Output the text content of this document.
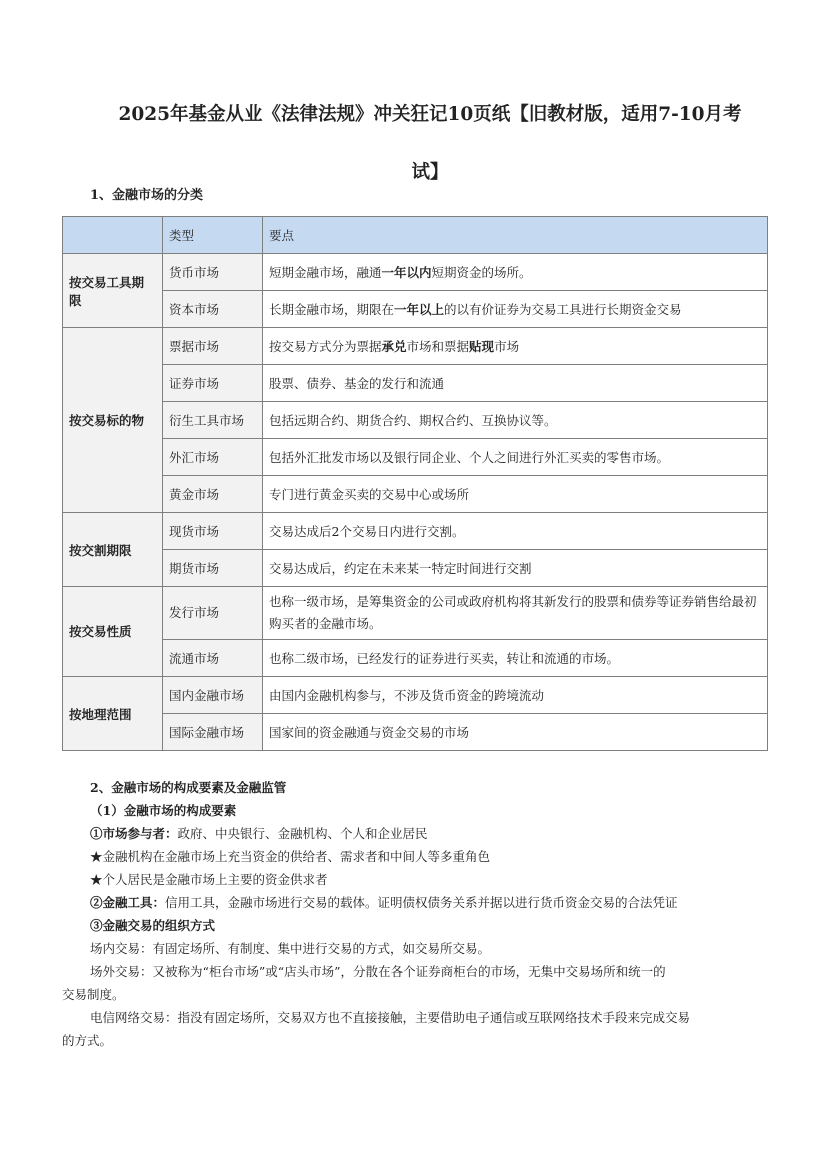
2025年基金从业《法律法规》冲关狂记10页纸【旧教材版，适用7-10月考
试】
1、金融市场的分类
	类型	要点
按交易工具期限	货币市场	短期金融市场，融通一年以内短期资金的场所。
	资本市场	长期金融市场，期限在一年以上的以有价证券为交易工具进行长期资金交易
按交易标的物	票据市场	按交易方式分为票据承兑市场和票据贴现市场
	证券市场	股票、债券、基金的发行和流通
	衍生工具市场	包括远期合约、期货合约、期权合约、互换协议等。
	外汇市场	包括外汇批发市场以及银行同企业、个人之间进行外汇买卖的零售市场。
	黄金市场	专门进行黄金买卖的交易中心或场所
按交割期限	现货市场	交易达成后2个交易日内进行交割。
	期货市场	交易达成后，约定在未来某一特定时间进行交割
按交易性质	发行市场	也称一级市场，是筹集资金的公司或政府机构将其新发行的股票和债券等证券销售给最初购买者的金融市场。
	流通市场	也称二级市场，已经发行的证券进行买卖，转让和流通的市场。
按地理范围	国内金融市场	由国内金融机构参与，不涉及货币资金的跨境流动
	国际金融市场	国家间的资金融通与资金交易的市场
2、金融市场的构成要素及金融监管
（1）金融市场的构成要素
①市场参与者：政府、中央银行、金融机构、个人和企业居民
★金融机构在金融市场上充当资金的供给者、需求者和中间人等多重角色
★个人居民是金融市场上主要的资金供求者
②金融工具：信用工具，金融市场进行交易的载体。证明债权债务关系并据以进行货币资金交易的合法凭证
③金融交易的组织方式
场内交易：有固定场所、有制度、集中进行交易的方式，如交易所交易。
场外交易：又被称为“柜台市场”或“店头市场”，分散在各个证券商柜台的市场，无集中交易场所和统一的
交易制度。
电信网络交易：指没有固定场所，交易双方也不直接接触，主要借助电子通信或互联网络技术手段来完成交易
的方式。
